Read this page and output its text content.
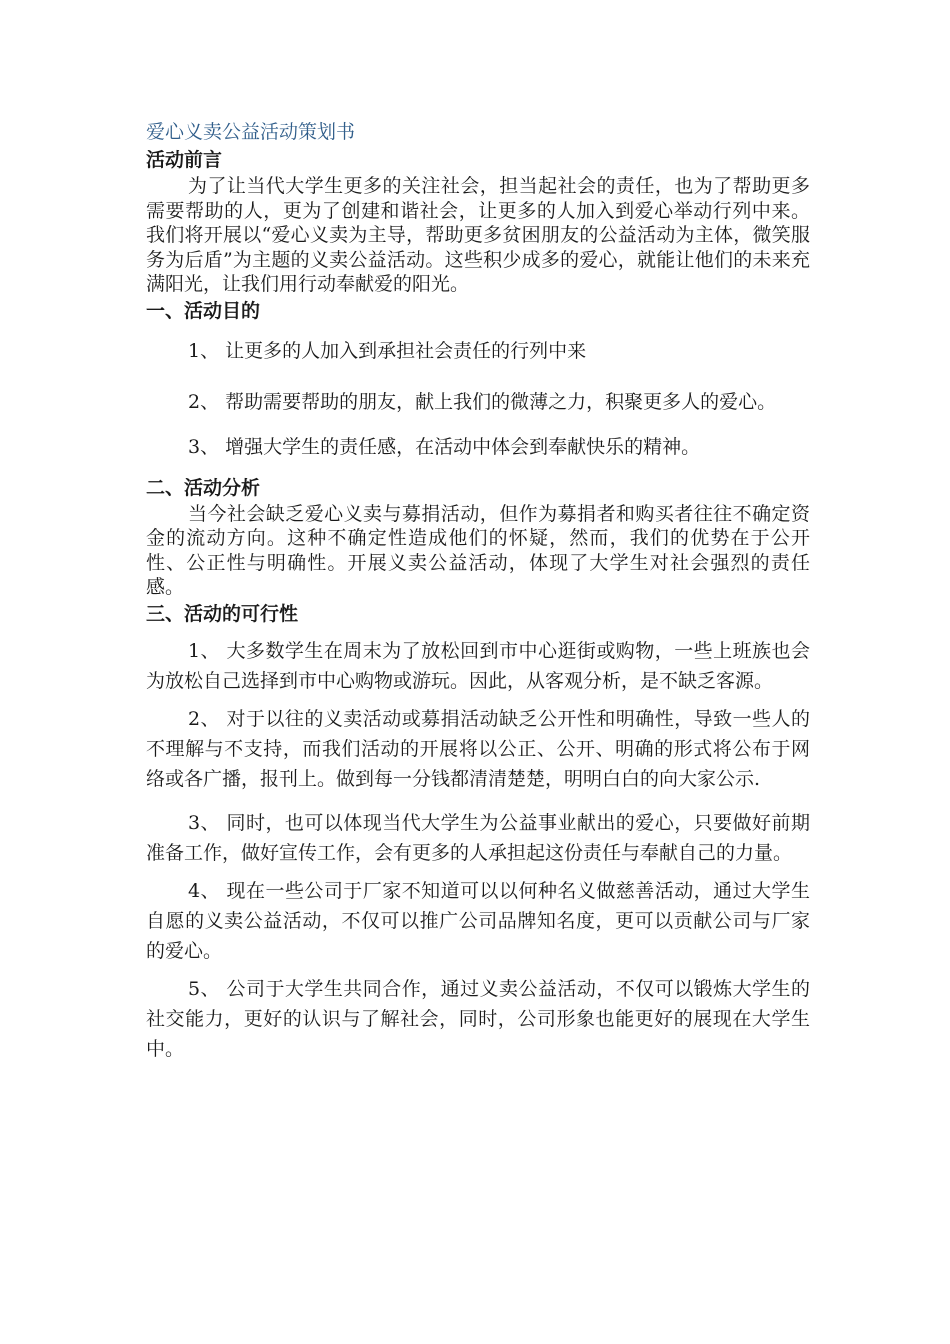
爱心义卖公益活动策划书

活动前言

为了让当代大学生更多的关注社会，担当起社会的责任，也为了帮助更多需要帮助的人，更为了创建和谐社会，让更多的人加入到爱心举动行列中来。我们将开展以“爱心义卖为主导，帮助更多贫困朋友的公益活动为主体，微笑服务为后盾”为主题的义卖公益活动。这些积少成多的爱心，就能让他们的未来充满阳光，让我们用行动奉献爱的阳光。

一、活动目的

1、 让更多的人加入到承担社会责任的行列中来

2、 帮助需要帮助的朋友，献上我们的微薄之力，积聚更多人的爱心。

3、 增强大学生的责任感，在活动中体会到奉献快乐的精神。

二、活动分析

当今社会缺乏爱心义卖与募捐活动，但作为募捐者和购买者往往不确定资金的流动方向。这种不确定性造成他们的怀疑，然而，我们的优势在于公开性、公正性与明确性。开展义卖公益活动，体现了大学生对社会强烈的责任感。

三、活动的可行性

1、 大多数学生在周末为了放松回到市中心逛街或购物，一些上班族也会为放松自己选择到市中心购物或游玩。因此，从客观分析，是不缺乏客源。

2、 对于以往的义卖活动或募捐活动缺乏公开性和明确性，导致一些人的不理解与不支持，而我们活动的开展将以公正、公开、明确的形式将公布于网络或各广播，报刊上。做到每一分钱都清清楚楚，明明白白的向大家公示.

3、 同时，也可以体现当代大学生为公益事业献出的爱心，只要做好前期准备工作，做好宣传工作，会有更多的人承担起这份责任与奉献自己的力量。

4、 现在一些公司于厂家不知道可以以何种名义做慈善活动，通过大学生自愿的义卖公益活动，不仅可以推广公司品牌知名度，更可以贡献公司与厂家的爱心。

5、 公司于大学生共同合作，通过义卖公益活动，不仅可以锻炼大学生的社交能力，更好的认识与了解社会，同时，公司形象也能更好的展现在大学生中。
